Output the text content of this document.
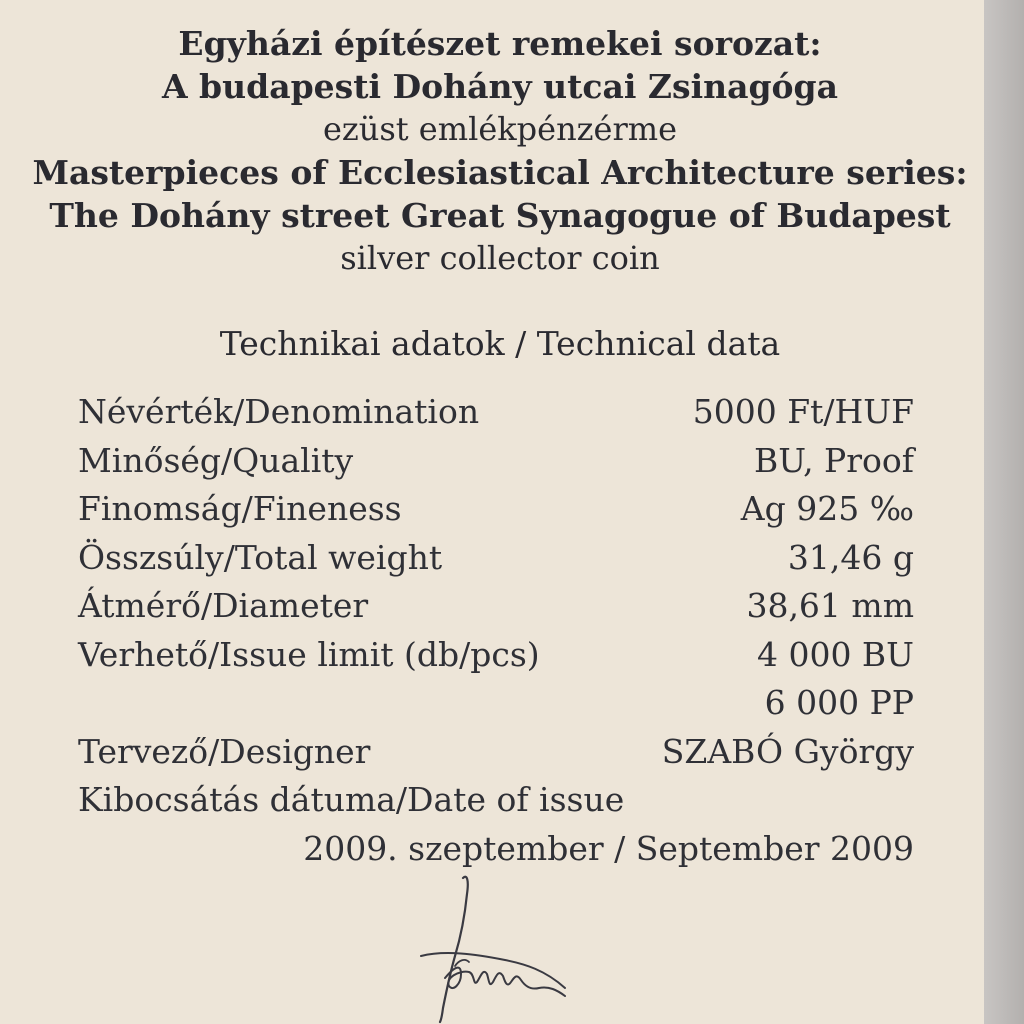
Egyházi építészet remekei sorozat:
A budapesti Dohány utcai Zsinagóga
ezüst emlékpénzérme
Masterpieces of Ecclesiastical Architecture series:
The Dohány street Great Synagogue of Budapest
silver collector coin
Technikai adatok / Technical data
Névérték/Denomination	5000 Ft/HUF
Minőség/Quality	BU, Proof
Finomság/Fineness	Ag 925 ‰
Összsúly/Total weight	31,46 g
Átmérő/Diameter	38,61 mm
Verhető/Issue limit (db/pcs)	4 000 BU
6 000 PP
Tervező/Designer	SZABÓ György
Kibocsátás dátuma/Date of issue
2009. szeptember / September 2009
